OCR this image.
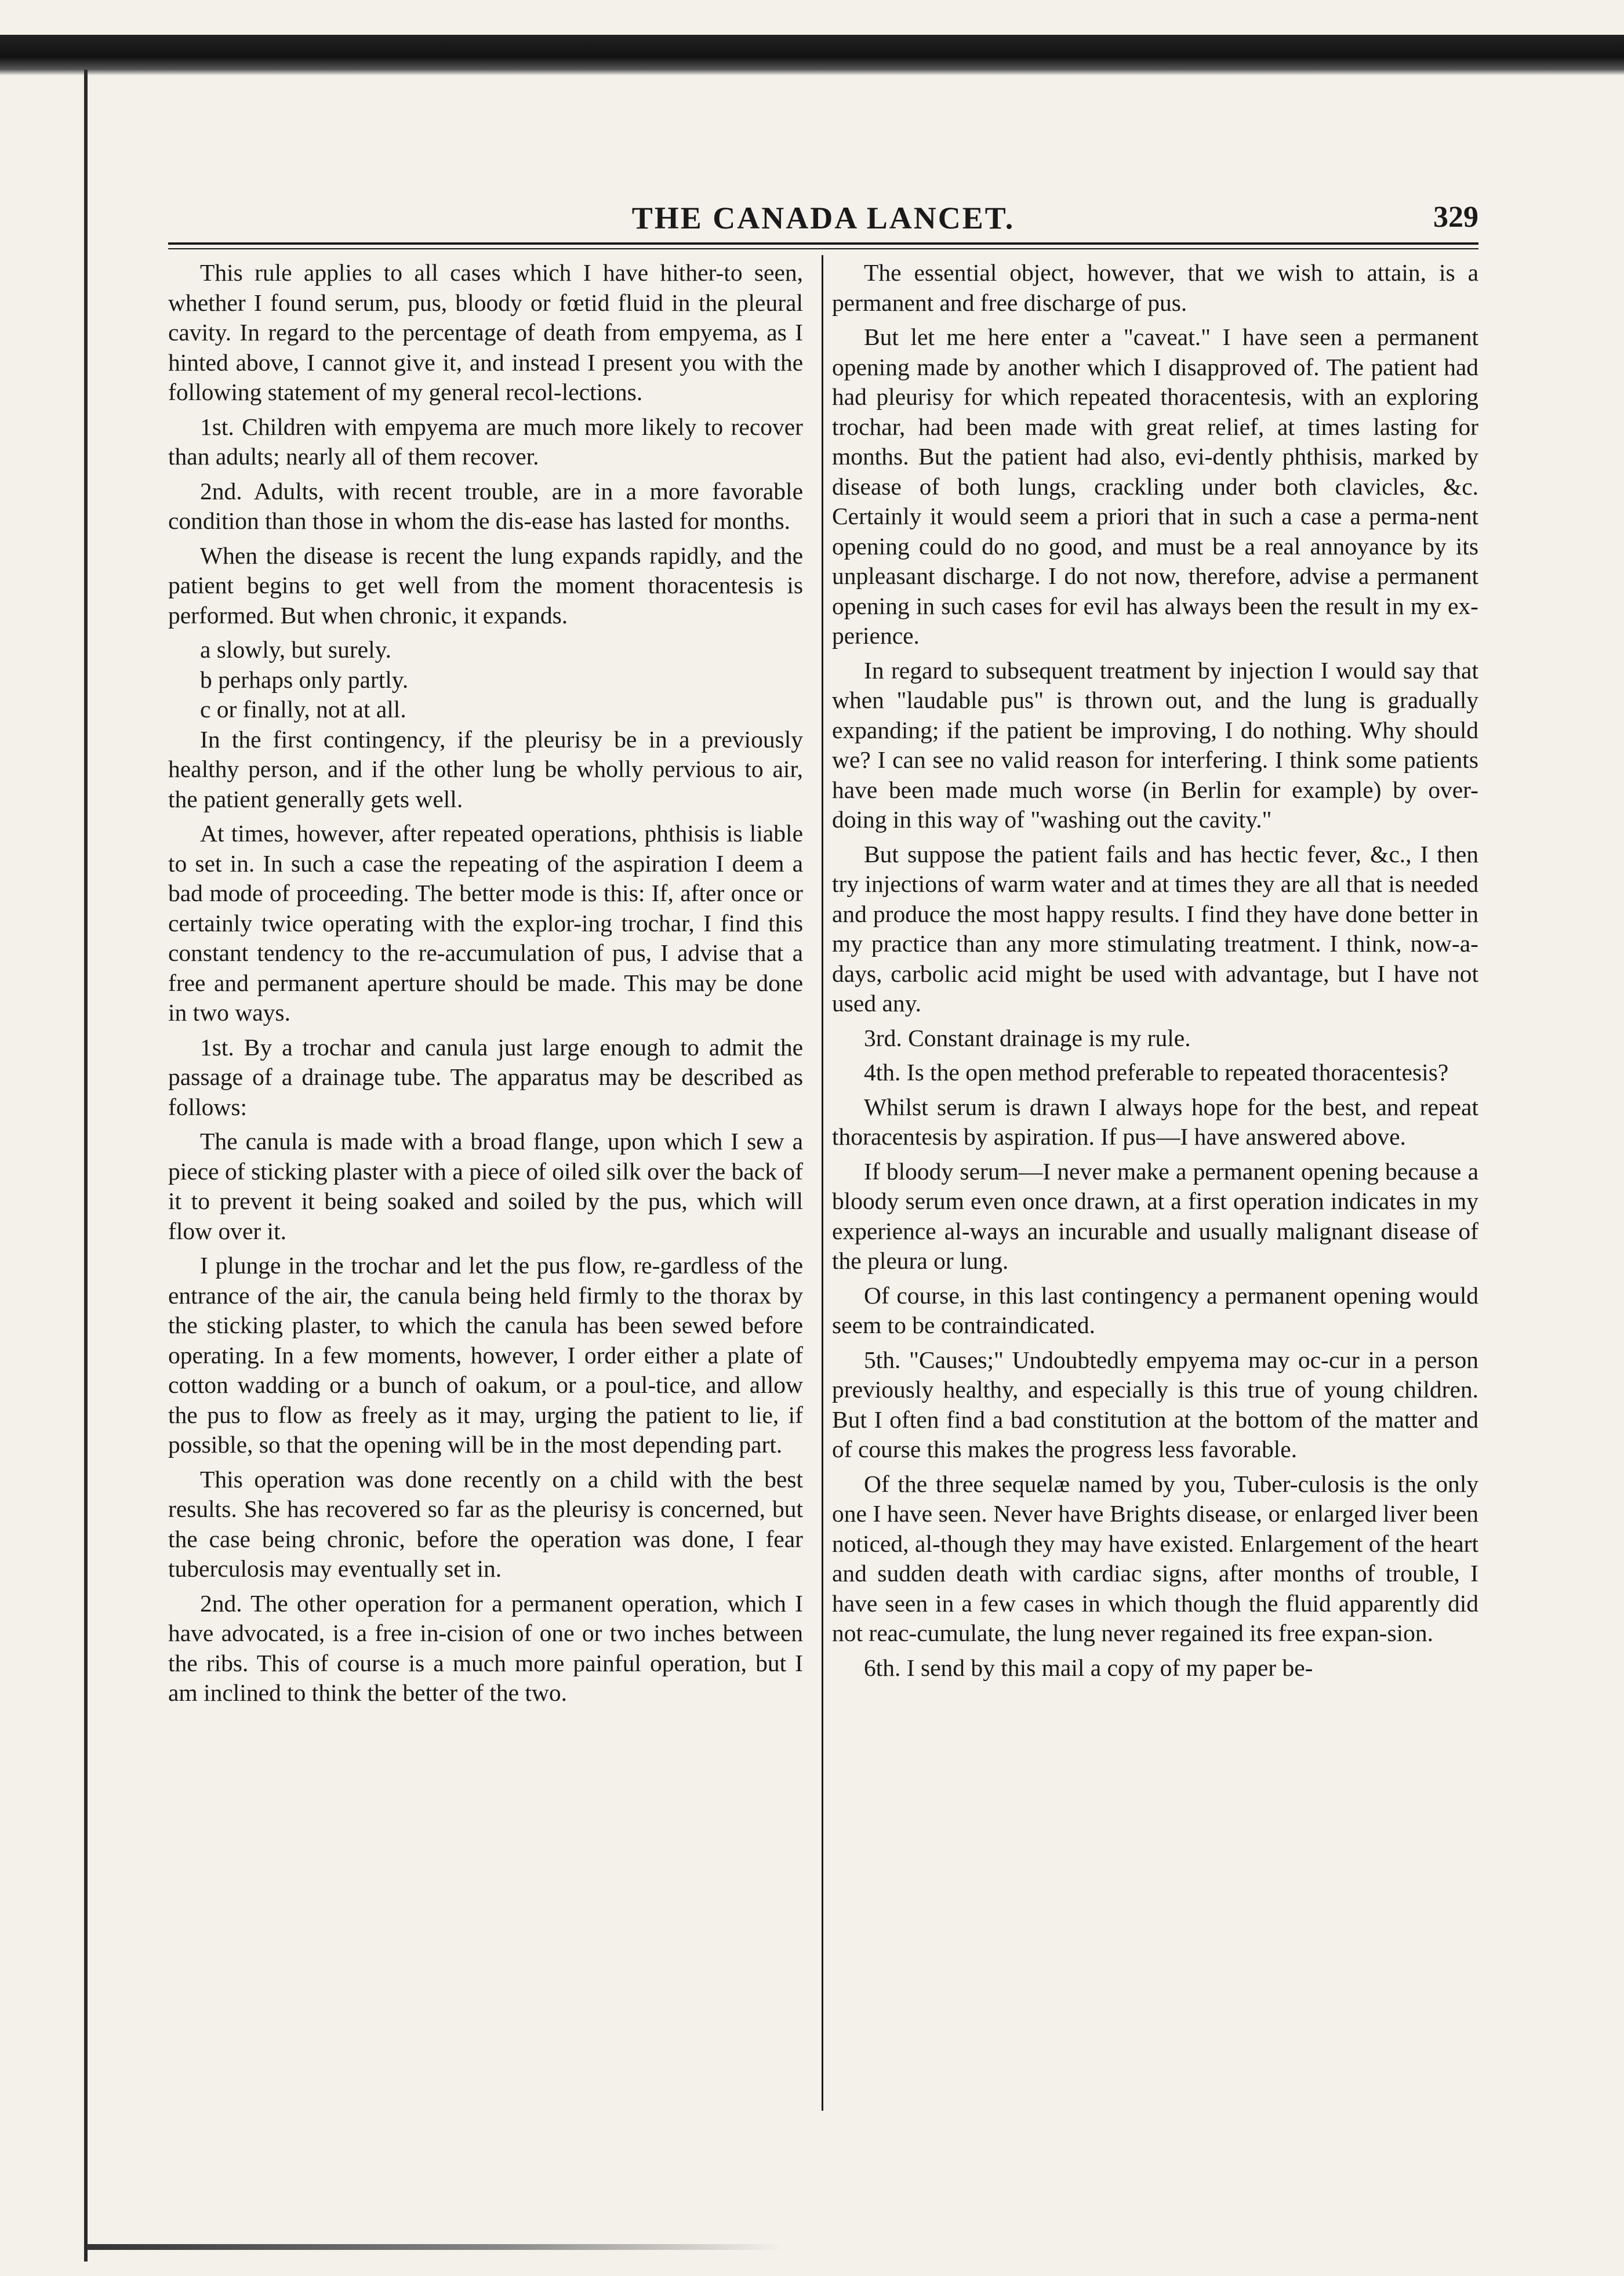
THE CANADA LANCET.	329

This rule applies to all cases which I have hither-to seen, whether I found serum, pus, bloody or fœtid fluid in the pleural cavity. In regard to the percentage of death from empyema, as I hinted above, I cannot give it, and instead I present you with the following statement of my general recol-lections.

1st. Children with empyema are much more likely to recover than adults; nearly all of them recover.

2nd. Adults, with recent trouble, are in a more favorable condition than those in whom the dis-ease has lasted for months.

When the disease is recent the lung expands rapidly, and the patient begins to get well from the moment thoracentesis is performed. But when chronic, it expands.

a slowly, but surely.

b perhaps only partly.

c or finally, not at all.

In the first contingency, if the pleurisy be in a previously healthy person, and if the other lung be wholly pervious to air, the patient generally gets well.

At times, however, after repeated operations, phthisis is liable to set in. In such a case the repeating of the aspiration I deem a bad mode of proceeding. The better mode is this: If, after once or certainly twice operating with the explor-ing trochar, I find this constant tendency to the re-accumulation of pus, I advise that a free and permanent aperture should be made. This may be done in two ways.

1st. By a trochar and canula just large enough to admit the passage of a drainage tube. The apparatus may be described as follows:

The canula is made with a broad flange, upon which I sew a piece of sticking plaster with a piece of oiled silk over the back of it to prevent it being soaked and soiled by the pus, which will flow over it.

I plunge in the trochar and let the pus flow, re-gardless of the entrance of the air, the canula being held firmly to the thorax by the sticking plaster, to which the canula has been sewed before operating. In a few moments, however, I order either a plate of cotton wadding or a bunch of oakum, or a poul-tice, and allow the pus to flow as freely as it may, urging the patient to lie, if possible, so that the opening will be in the most depending part.

This operation was done recently on a child with the best results. She has recovered so far as the pleurisy is concerned, but the case being chronic, before the operation was done, I fear tuberculosis may eventually set in.

2nd. The other operation for a permanent operation, which I have advocated, is a free in-cision of one or two inches between the ribs. This of course is a much more painful operation, but I am inclined to think the better of the two.

The essential object, however, that we wish to attain, is a permanent and free discharge of pus.

But let me here enter a "caveat." I have seen a permanent opening made by another which I disapproved of. The patient had had pleurisy for which repeated thoracentesis, with an exploring trochar, had been made with great relief, at times lasting for months. But the patient had also, evi-dently phthisis, marked by disease of both lungs, crackling under both clavicles, &c. Certainly it would seem a priori that in such a case a perma-nent opening could do no good, and must be a real annoyance by its unpleasant discharge. I do not now, therefore, advise a permanent opening in such cases for evil has always been the result in my ex-perience.

In regard to subsequent treatment by injection I would say that when "laudable pus" is thrown out, and the lung is gradually expanding; if the patient be improving, I do nothing. Why should we? I can see no valid reason for interfering. I think some patients have been made much worse (in Berlin for example) by over-doing in this way of "washing out the cavity."

But suppose the patient fails and has hectic fever, &c., I then try injections of warm water and at times they are all that is needed and produce the most happy results. I find they have done better in my practice than any more stimulating treatment. I think, now-a-days, carbolic acid might be used with advantage, but I have not used any.

3rd. Constant drainage is my rule.

4th. Is the open method preferable to repeated thoracentesis?

Whilst serum is drawn I always hope for the best, and repeat thoracentesis by aspiration. If pus—I have answered above.

If bloody serum—I never make a permanent opening because a bloody serum even once drawn, at a first operation indicates in my experience al-ways an incurable and usually malignant disease of the pleura or lung.

Of course, in this last contingency a permanent opening would seem to be contraindicated.

5th. "Causes;" Undoubtedly empyema may oc-cur in a person previously healthy, and especially is this true of young children. But I often find a bad constitution at the bottom of the matter and of course this makes the progress less favorable.

Of the three sequelæ named by you, Tuber-culosis is the only one I have seen. Never have Brights disease, or enlarged liver been noticed, al-though they may have existed. Enlargement of the heart and sudden death with cardiac signs, after months of trouble, I have seen in a few cases in which though the fluid apparently did not reac-cumulate, the lung never regained its free expan-sion.

6th. I send by this mail a copy of my paper be-
